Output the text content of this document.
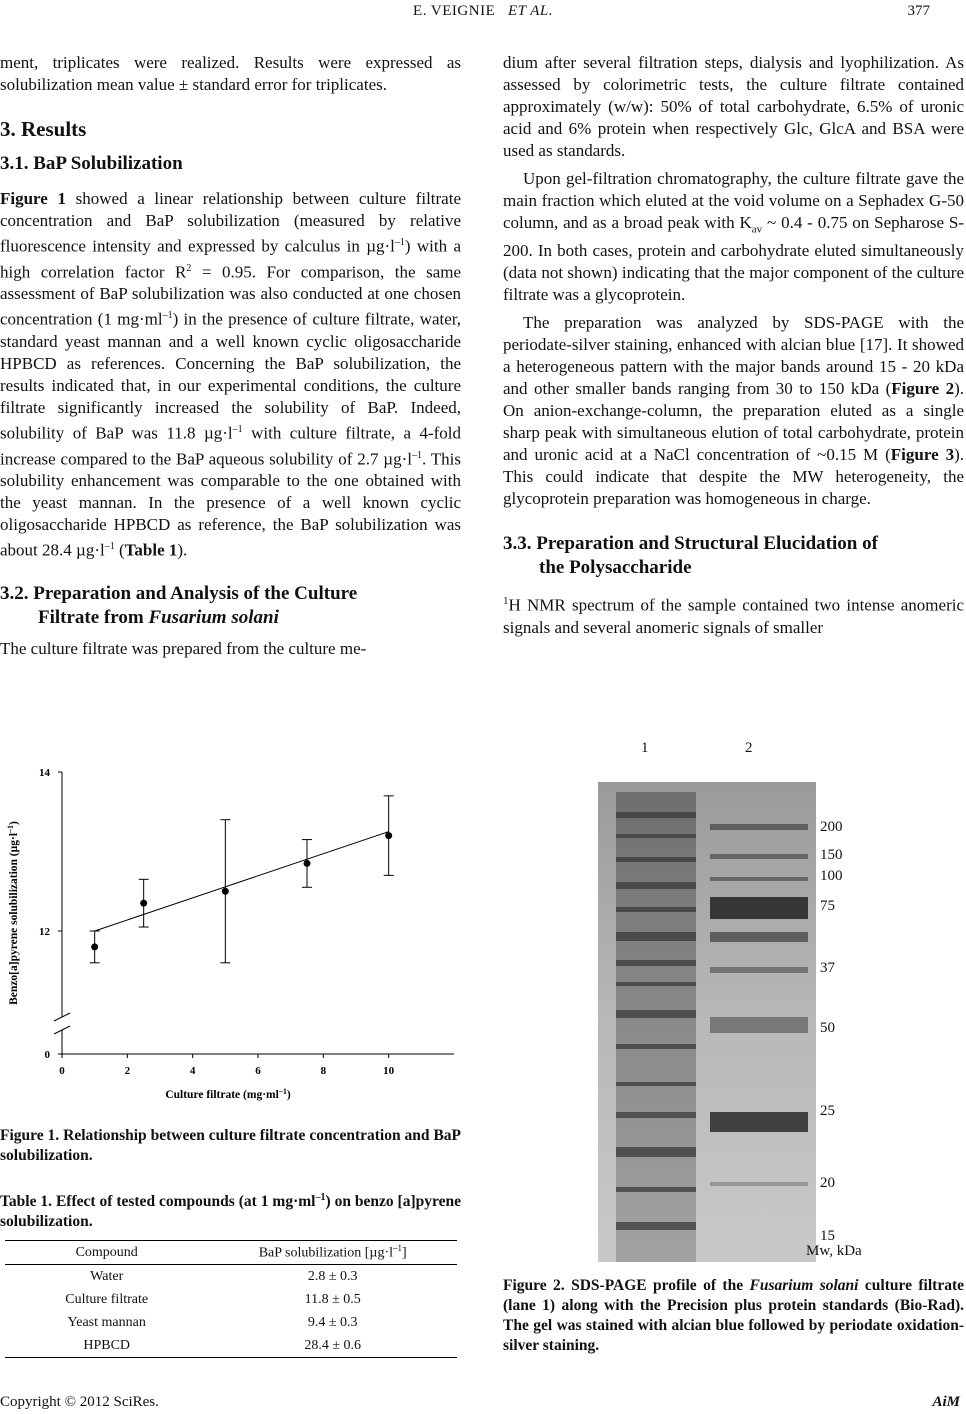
E. VEIGNIE ET AL.	377

ment, triplicates were realized. Results were expressed as solubilization mean value ± standard error for triplicates.

3. Results
3.1. BaP Solubilization

Figure 1 showed a linear relationship between culture filtrate concentration and BaP solubilization (measured by relative fluorescence intensity and expressed by calculus in $\mu g\cdot l^{-1}$) with a high correlation factor $R^2 = 0.95$. For comparison, the same assessment of BaP solubilization was also conducted at one chosen concentration (1 $mg\cdot ml^{-1}$) in the presence of culture filtrate, water, standard yeast mannan and a well known cyclic oligosaccharide HPBCD as references. Concerning the BaP solubilization, the results indicated that, in our experimental conditions, the culture filtrate significantly increased the solubility of BaP. Indeed, solubility of BaP was 11.8 $\mu g\cdot l^{-1}$ with culture filtrate, a 4-fold increase compared to the BaP aqueous solubility of 2.7 $\mu g\cdot l^{-1}$. This solubility enhancement was comparable to the one obtained with the yeast mannan. In the presence of a well known cyclic oligosaccharide HPBCD as reference, the BaP solubilization was about 28.4 $\mu g\cdot l^{-1}$ (Table 1).

3.2. Preparation and Analysis of the Culture
Filtrate from Fusarium solani

The culture filtrate was prepared from the culture me-

0
12
14
0	2	4	6	8	10
Culture filtrate $(mg\cdot ml^{-1})$
Benzo[a]pyrene solubilization $(\mu g\cdot l^{-1})$
Figure 1. Relationship between culture filtrate concentration and BaP solubilization.
Table 1. Effect of tested compounds (at 1 $mg\cdot ml^{-1}$) on benzo [a]pyrene solubilization.
Compound	BaP solubilization $[\mu g\cdot l^{-1}]$
Water	2.8 ± 0.3
Culture filtrate	11.8 ± 0.5
Yeast mannan	9.4 ± 0.3
HPBCD	28.4 ± 0.6

dium after several filtration steps, dialysis and lyophilization. As assessed by colorimetric tests, the culture filtrate contained approximately (w/w): 50% of total carbohydrate, 6.5% of uronic acid and 6% protein when respectively Glc, GlcA and BSA were used as standards.

Upon gel-filtration chromatography, the culture filtrate gave the main fraction which eluted at the void volume on a Sephadex G-50 column, and as a broad peak with $K_{av}$ ~ 0.4 - 0.75 on Sepharose S-200. In both cases, protein and carbohydrate eluted simultaneously (data not shown) indicating that the major component of the culture filtrate was a glycoprotein.

The preparation was analyzed by SDS-PAGE with the periodate-silver staining, enhanced with alcian blue [17]. It showed a heterogeneous pattern with the major bands around 15 - 20 kDa and other smaller bands ranging from 30 to 150 kDa (Figure 2). On anion-exchange-column, the preparation eluted as a single sharp peak with simultaneous elution of total carbohydrate, protein and uronic acid at a NaCl concentration of ~0.15 M (Figure 3). This could indicate that despite the MW heterogeneity, the glycoprotein preparation was homogeneous in charge.

3.3. Preparation and Structural Elucidation of
the Polysaccharide

$^1$H NMR spectrum of the sample contained two intense anomeric signals and several anomeric signals of smaller

1	2
200
150
100
75
37
50
25
20
15
Mw, kDa
Figure 2. SDS-PAGE profile of the Fusarium solani culture filtrate (lane 1) along with the Precision plus protein standards (Bio-Rad). The gel was stained with alcian blue followed by periodate oxidation-silver staining.
Copyright © 2012 SciRes.	AiM
